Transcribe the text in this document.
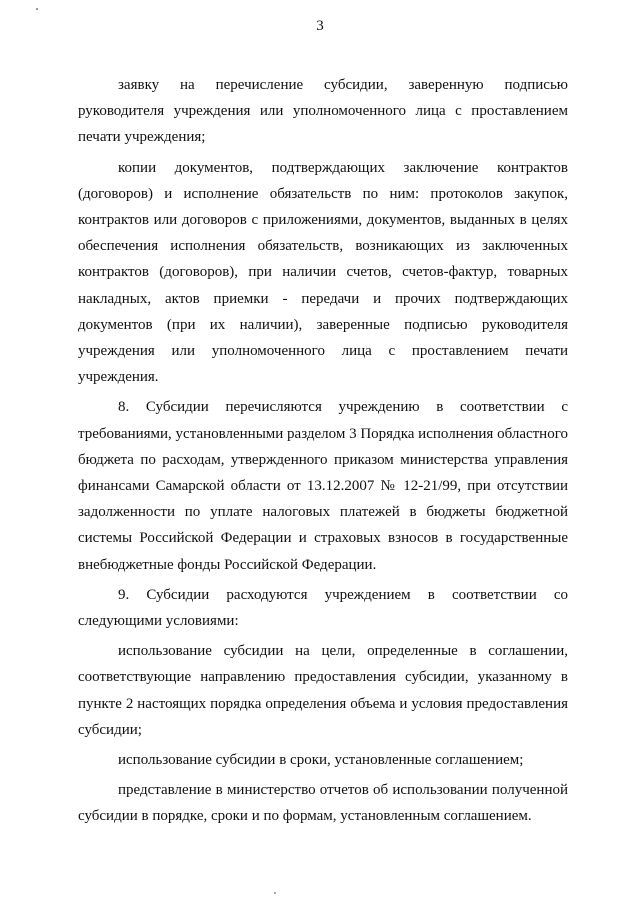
3

заявку на перечисление субсидии, заверенную подписью руководителя учреждения или уполномоченного лица с проставлением печати учреждения;

копии документов, подтверждающих заключение контрактов (договоров) и исполнение обязательств по ним: протоколов закупок, контрактов или договоров с приложениями, документов, выданных в целях обеспечения исполнения обязательств, возникающих из заключенных контрактов (договоров), при наличии счетов, счетов-фактур, товарных накладных, актов приемки - передачи и прочих подтверждающих документов (при их наличии), заверенные подписью руководителя учреждения или уполномоченного лица с проставлением печати учреждения.

8. Субсидии перечисляются учреждению в соответствии с требованиями, установленными разделом 3 Порядка исполнения областного бюджета по расходам, утвержденного приказом министерства управления финансами Самарской области от 13.12.2007 № 12-21/99, при отсутствии задолженности по уплате налоговых платежей в бюджеты бюджетной системы Российской Федерации и страховых взносов в государственные внебюджетные фонды Российской Федерации.

9. Субсидии расходуются учреждением в соответствии со следующими условиями:

использование субсидии на цели, определенные в соглашении, соответствующие направлению предоставления субсидии, указанному в пункте 2 настоящих порядка определения объема и условия предоставления субсидии;

использование субсидии в сроки, установленные соглашением;

представление в министерство отчетов об использовании полученной субсидии в порядке, сроки и по формам, установленным соглашением.
